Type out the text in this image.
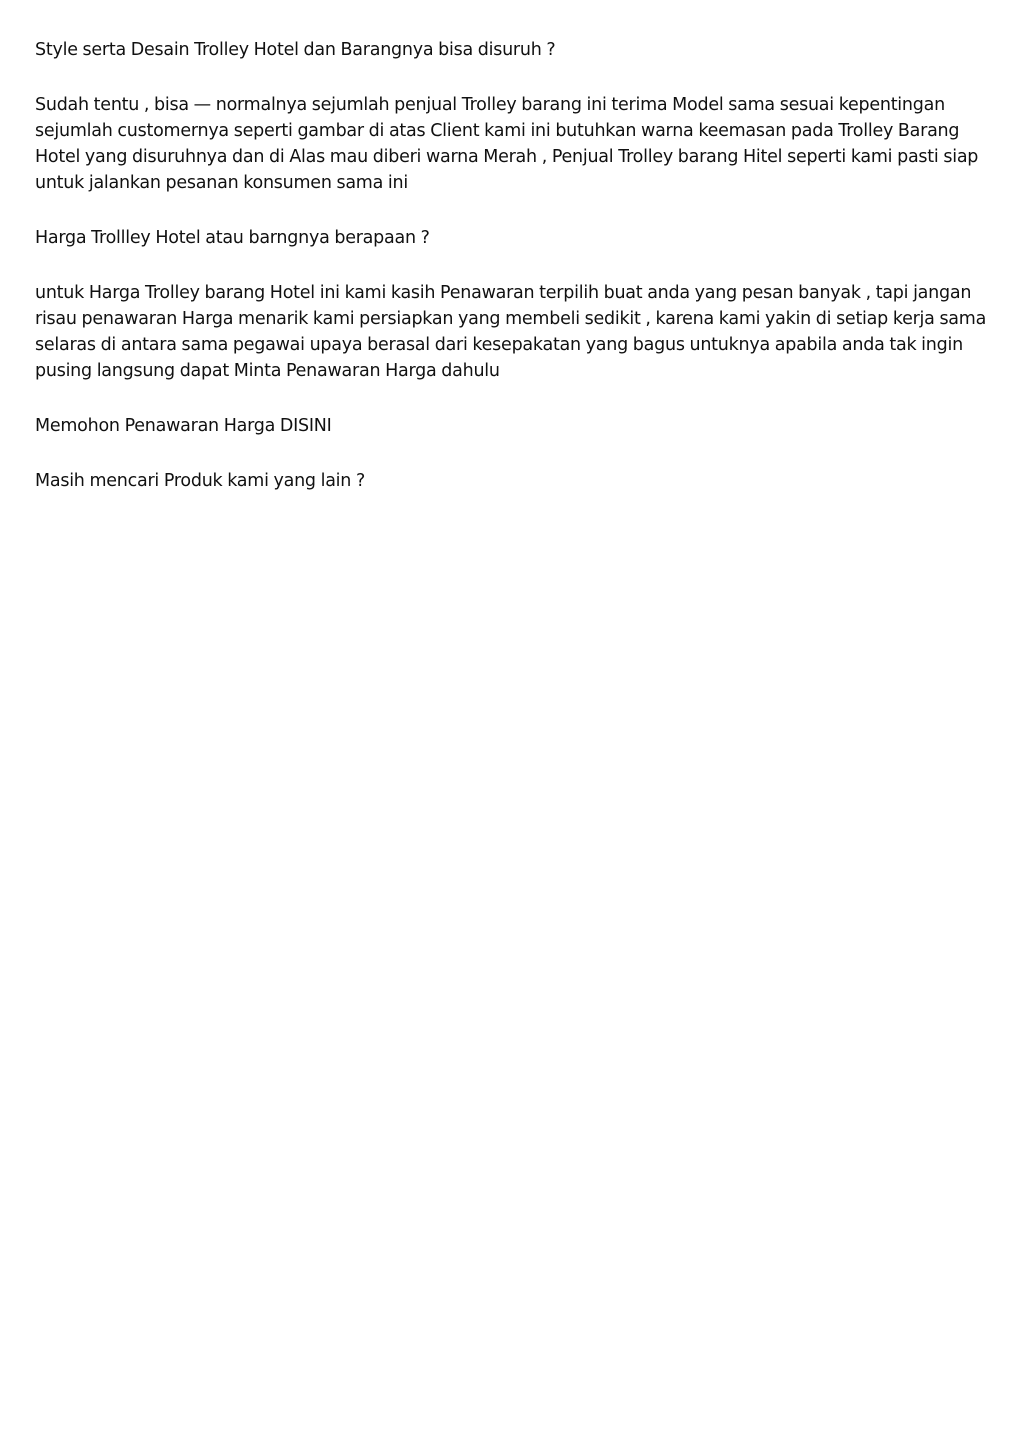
Style serta Desain Trolley Hotel dan Barangnya bisa disuruh ?

Sudah tentu , bisa — normalnya sejumlah penjual Trolley barang ini terima Model sama sesuai kepentingan sejumlah customernya seperti gambar di atas Client kami ini butuhkan warna keemasan pada Trolley Barang Hotel yang disuruhnya dan di Alas mau diberi warna Merah , Penjual Trolley barang Hitel seperti kami pasti siap untuk jalankan pesanan konsumen sama ini

Harga Trollley Hotel atau barngnya berapaan ?

untuk Harga Trolley barang Hotel ini kami kasih Penawaran terpilih buat anda yang pesan banyak , tapi jangan risau penawaran Harga menarik kami persiapkan yang membeli sedikit , karena kami yakin di setiap kerja sama selaras di antara sama pegawai upaya berasal dari kesepakatan yang bagus untuknya apabila anda tak ingin pusing langsung dapat Minta Penawaran Harga dahulu

Memohon Penawaran Harga DISINI

Masih mencari Produk kami yang lain ?
